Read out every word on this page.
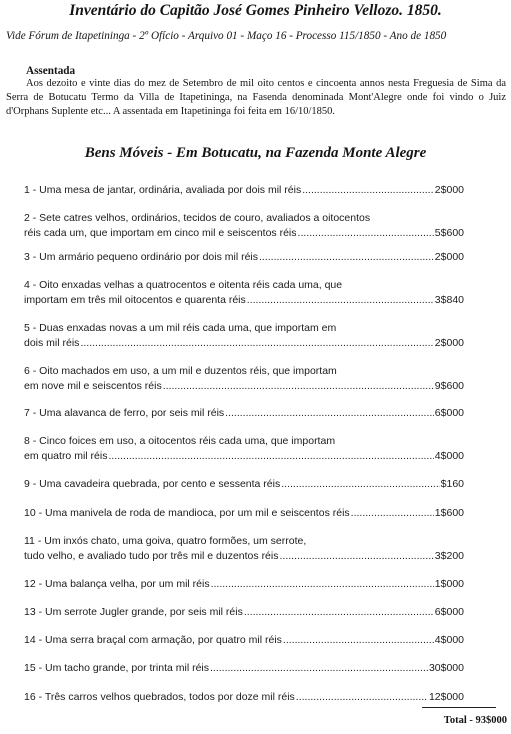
Inventário do Capitão José Gomes Pinheiro Vellozo. 1850.
Vide Fórum de Itapetininga - 2º Ofício - Arquivo 01 - Maço 16 - Processo 115/1850 - Ano de 1850
Assentada
Aos dezoito e vinte dias do mez de Setembro de mil oito centos e cincoenta annos nesta Freguesia de Sima da Serra de Botucatu Termo da Villa de Itapetininga, na Fasenda denominada Mont'Alegre onde foi vindo o Juiz d'Orphans Suplente etc... A assentada em Itapetininga foi feita em 16/10/1850.
Bens Móveis - Em Botucatu, na Fazenda Monte Alegre
1 - Uma mesa de jantar, ordinária, avaliada por dois mil réis .....	2$000
2 - Sete catres velhos, ordinários, tecidos de couro, avaliados a oitocentos
réis cada um, que importam em cinco mil e seiscentos réis .....	5$600
3 - Um armário pequeno ordinário por dois mil réis .....	2$000
4 - Oito enxadas velhas a quatrocentos e oitenta réis cada uma, que
importam em três mil oitocentos e quarenta réis .....	3$840
5 - Duas enxadas novas a um mil réis cada uma, que importam em
dois mil réis .....	2$000
6 - Oito machados em uso, a um mil e duzentos réis, que importam
em nove mil e seiscentos réis .....	9$600
7 - Uma alavanca de ferro, por seis mil réis .....	6$000
8 - Cinco foices em uso, a oitocentos réis cada uma, que importam
em quatro mil réis .....	4$000
9 - Uma cavadeira quebrada, por cento e sessenta réis .....	$160
10 - Uma manivela de roda de mandioca, por um mil e seiscentos réis .....	1$600
11 - Um inxós chato, uma goiva, quatro formões, um serrote,
tudo velho, e avaliado tudo por três mil e duzentos réis .....	3$200
12 - Uma balança velha, por um mil réis .....	1$000
13 - Um serrote Jugler grande, por seis mil réis .....	6$000
14 - Uma serra braçal com armação, por quatro mil réis .....	4$000
15 - Um tacho grande, por trinta mil réis .....	30$000
16 - Três carros velhos quebrados, todos por doze mil réis .....	12$000
Total - 93$000
